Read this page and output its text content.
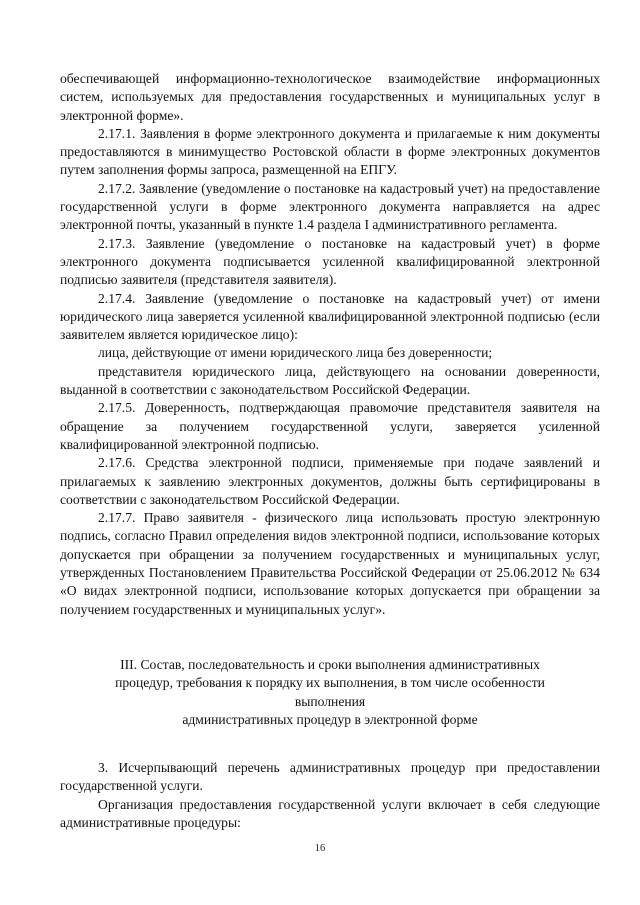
обеспечивающей информационно-технологическое взаимодействие информационных систем, используемых для предоставления государственных и муниципальных услуг в электронной форме».

2.17.1. Заявления в форме электронного документа и прилагаемые к ним документы предоставляются в минимущество Ростовской области в форме электронных документов путем заполнения формы запроса, размещенной на ЕПГУ.

2.17.2. Заявление (уведомление о постановке на кадастровый учет) на предоставление государственной услуги в форме электронного документа направляется на адрес электронной почты, указанный в пункте 1.4 раздела I административного регламента.

2.17.3. Заявление (уведомление о постановке на кадастровый учет) в форме электронного документа подписывается усиленной квалифицированной электронной подписью заявителя (представителя заявителя).

2.17.4. Заявление (уведомление о постановке на кадастровый учет) от имени юридического лица заверяется усиленной квалифицированной электронной подписью (если заявителем является юридическое лицо):

лица, действующие от имени юридического лица без доверенности;

представителя юридического лица, действующего на основании доверенности, выданной в соответствии с законодательством Российской Федерации.

2.17.5. Доверенность, подтверждающая правомочие представителя заявителя на обращение за получением государственной услуги, заверяется усиленной квалифицированной электронной подписью.

2.17.6. Средства электронной подписи, применяемые при подаче заявлений и прилагаемых к заявлению электронных документов, должны быть сертифицированы в соответствии с законодательством Российской Федерации.

2.17.7. Право заявителя - физического лица использовать простую электронную подпись, согласно Правил определения видов электронной подписи, использование которых допускается при обращении за получением государственных и муниципальных услуг, утвержденных Постановлением Правительства Российской Федерации от 25.06.2012 № 634 «О видах электронной подписи, использование которых допускается при обращении за получением государственных и муниципальных услуг».

III. Состав, последовательность и сроки выполнения административных
процедур, требования к порядку их выполнения, в том числе особенности
выполнения
административных процедур в электронной форме

3. Исчерпывающий перечень административных процедур при предоставлении государственной услуги.

Организация предоставления государственной услуги включает в себя следующие административные процедуры:

16
